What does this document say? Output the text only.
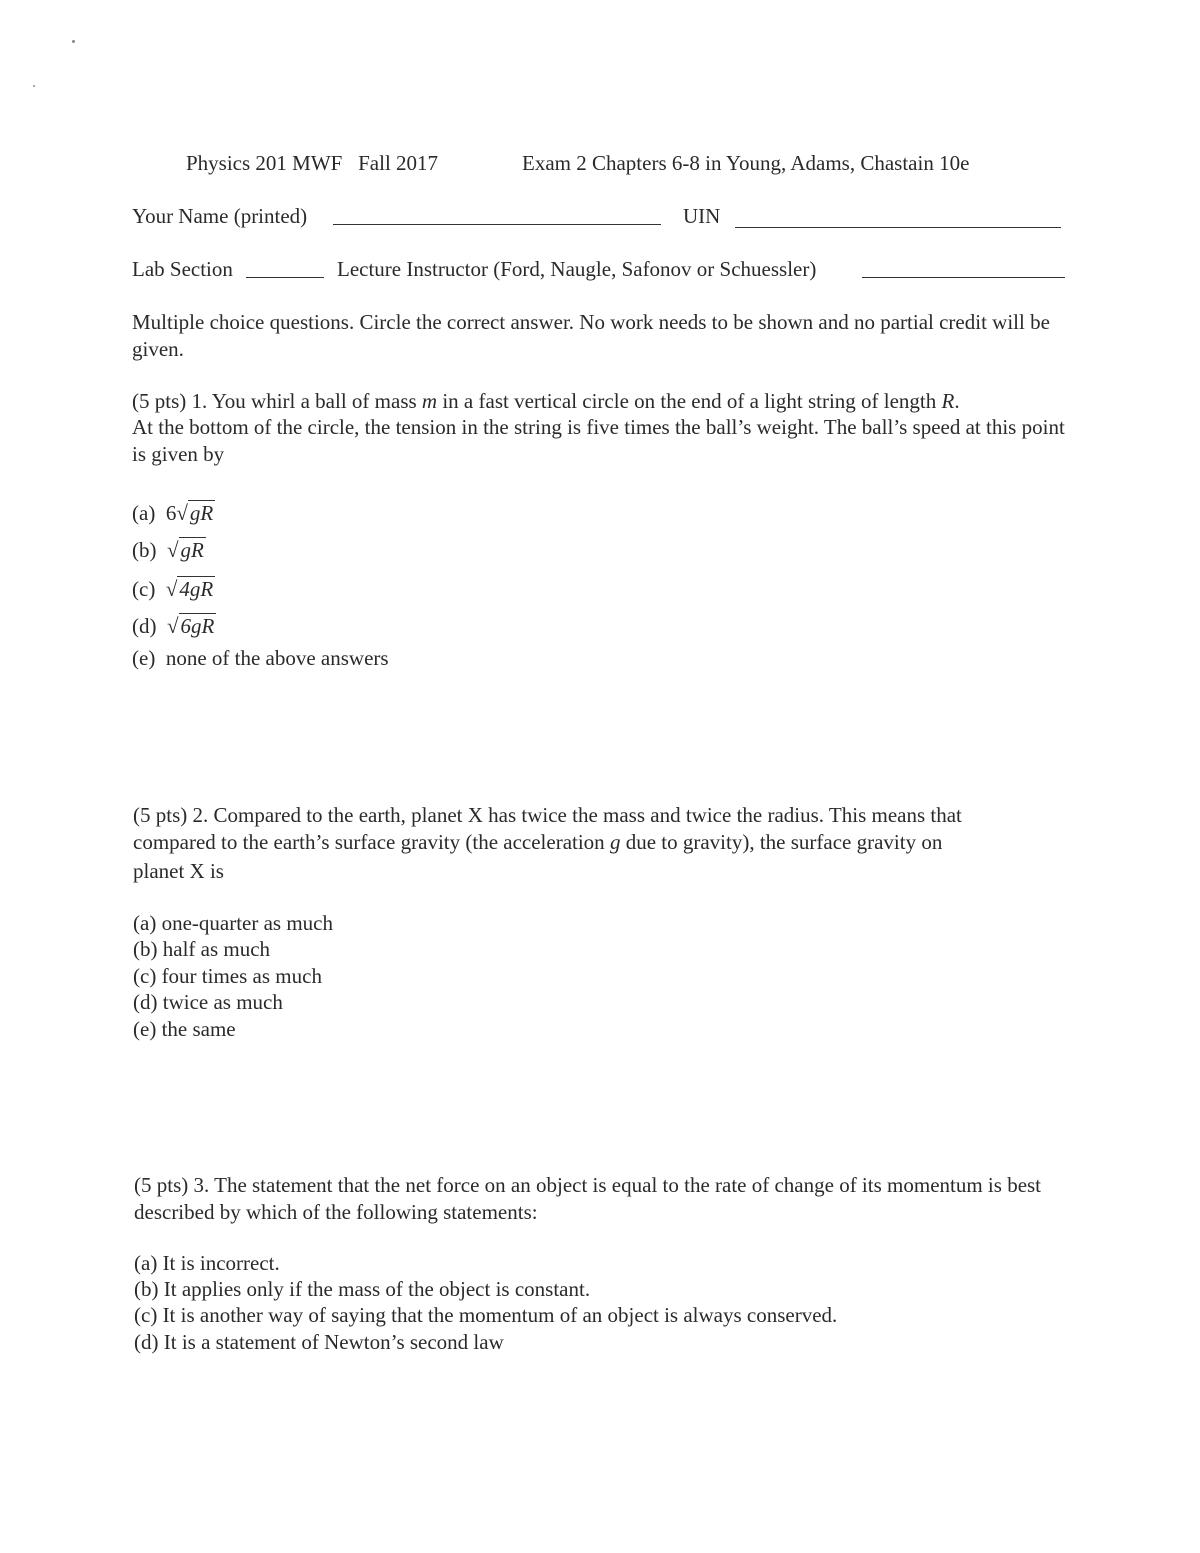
Physics 201 MWF Fall 2017	Exam 2 Chapters 6-8 in Young, Adams, Chastain 10e
Your Name (printed)	UIN
Lab Section	Lecture Instructor (Ford, Naugle, Safonov or Schuessler)
Multiple choice questions. Circle the correct answer. No work needs to be shown and no partial credit will be given.
(5 pts) 1. You whirl a ball of mass m in a fast vertical circle on the end of a light string of length R.
At the bottom of the circle, the tension in the string is five times the ball’s weight. The ball’s speed at this point is given by
(a) 6√gR
(b) √gR
(c) √4gR
(d) √6gR
(e) none of the above answers
(5 pts) 2. Compared to the earth, planet X has twice the mass and twice the radius. This means that
compared to the earth’s surface gravity (the acceleration g due to gravity), the surface gravity on
planet X is
(a) one-quarter as much
(b) half as much
(c) four times as much
(d) twice as much
(e) the same
(5 pts) 3. The statement that the net force on an object is equal to the rate of change of its momentum is best described by which of the following statements:
(a) It is incorrect.
(b) It applies only if the mass of the object is constant.
(c) It is another way of saying that the momentum of an object is always conserved.
(d) It is a statement of Newton’s second law
